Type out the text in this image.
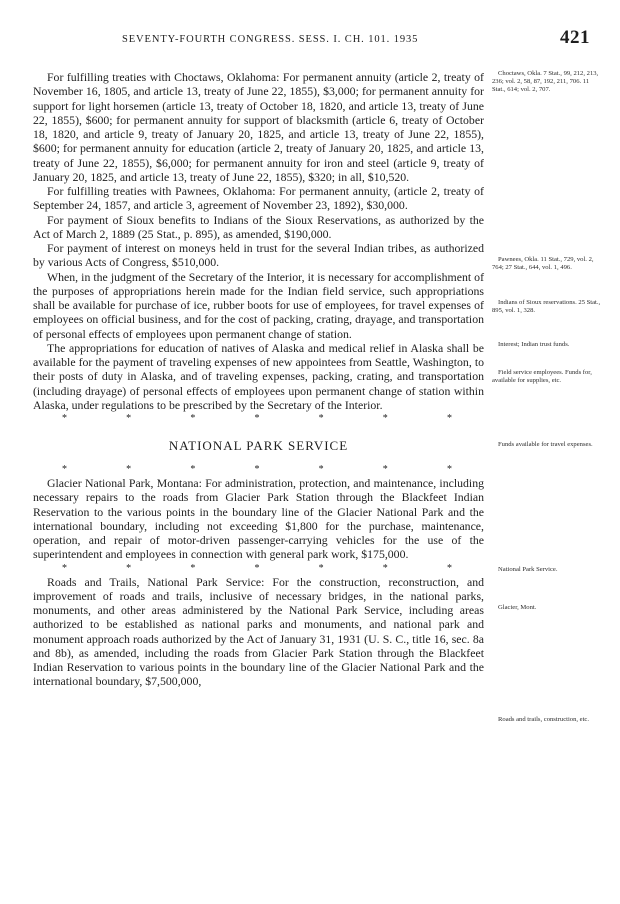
SEVENTY-FOURTH CONGRESS. SESS. I. CH. 101. 1935	421

For fulfilling treaties with Choctaws, Oklahoma: For permanent annuity (article 2, treaty of November 16, 1805, and article 13, treaty of June 22, 1855), $3,000; for permanent annuity for support for light horsemen (article 13, treaty of October 18, 1820, and article 13, treaty of June 22, 1855), $600; for permanent annuity for support of blacksmith (article 6, treaty of October 18, 1820, and article 9, treaty of January 20, 1825, and article 13, treaty of June 22, 1855), $600; for permanent annuity for education (article 2, treaty of January 20, 1825, and article 13, treaty of June 22, 1855), $6,000; for permanent annuity for iron and steel (article 9, treaty of January 20, 1825, and article 13, treaty of June 22, 1855), $320; in all, $10,520.

For fulfilling treaties with Pawnees, Oklahoma: For permanent annuity, (article 2, treaty of September 24, 1857, and article 3, agreement of November 23, 1892), $30,000.

For payment of Sioux benefits to Indians of the Sioux Reservations, as authorized by the Act of March 2, 1889 (25 Stat., p. 895), as amended, $190,000.

For payment of interest on moneys held in trust for the several Indian tribes, as authorized by various Acts of Congress, $510,000.

When, in the judgment of the Secretary of the Interior, it is necessary for accomplishment of the purposes of appropriations herein made for the Indian field service, such appropriations shall be available for purchase of ice, rubber boots for use of employees, for travel expenses of employees on official business, and for the cost of packing, crating, drayage, and transportation of personal effects of employees upon permanent change of station.

The appropriations for education of natives of Alaska and medical relief in Alaska shall be available for the payment of traveling expenses of new appointees from Seattle, Washington, to their posts of duty in Alaska, and of traveling expenses, packing, crating, and transportation (including drayage) of personal effects of employees upon permanent change of station within Alaska, under regulations to be prescribed by the Secretary of the Interior.

*	*	*	*	*	*	*
NATIONAL PARK SERVICE
*	*	*	*	*	*	*

Glacier National Park, Montana: For administration, protection, and maintenance, including necessary repairs to the roads from Glacier Park Station through the Blackfeet Indian Reservation to the various points in the boundary line of the Glacier National Park and the international boundary, including not exceeding $1,800 for the purchase, maintenance, operation, and repair of motor-driven passenger-carrying vehicles for the use of the superintendent and employees in connection with general park work, $175,000.

*	*	*	*	*	*	*

Roads and Trails, National Park Service: For the construction, reconstruction, and improvement of roads and trails, inclusive of necessary bridges, in the national parks, monuments, and other areas administered by the National Park Service, including areas authorized to be established as national parks and monuments, and national park and monument approach roads authorized by the Act of January 31, 1931 (U. S. C., title 16, sec. 8a and 8b), as amended, including the roads from Glacier Park Station through the Blackfeet Indian Reservation to various points in the boundary line of the Glacier National Park and the international boundary, $7,500,000,

Choctaws, Okla. 7 Stat., 99, 212, 213, 236; vol. 2, 58, 87, 192, 211, 706. 11 Stat., 614; vol. 2, 707.
Pawnees, Okla. 11 Stat., 729, vol. 2, 764; 27 Stat., 644, vol. 1, 496.
Indians of Sioux reservations. 25 Stat., 895, vol. 1, 328.
Interest; Indian trust funds.
Field service employees. Funds for, available for supplies, etc.
Funds available for travel expenses.
National Park Service.
Glacier, Mont.
Roads and trails, construction, etc.
